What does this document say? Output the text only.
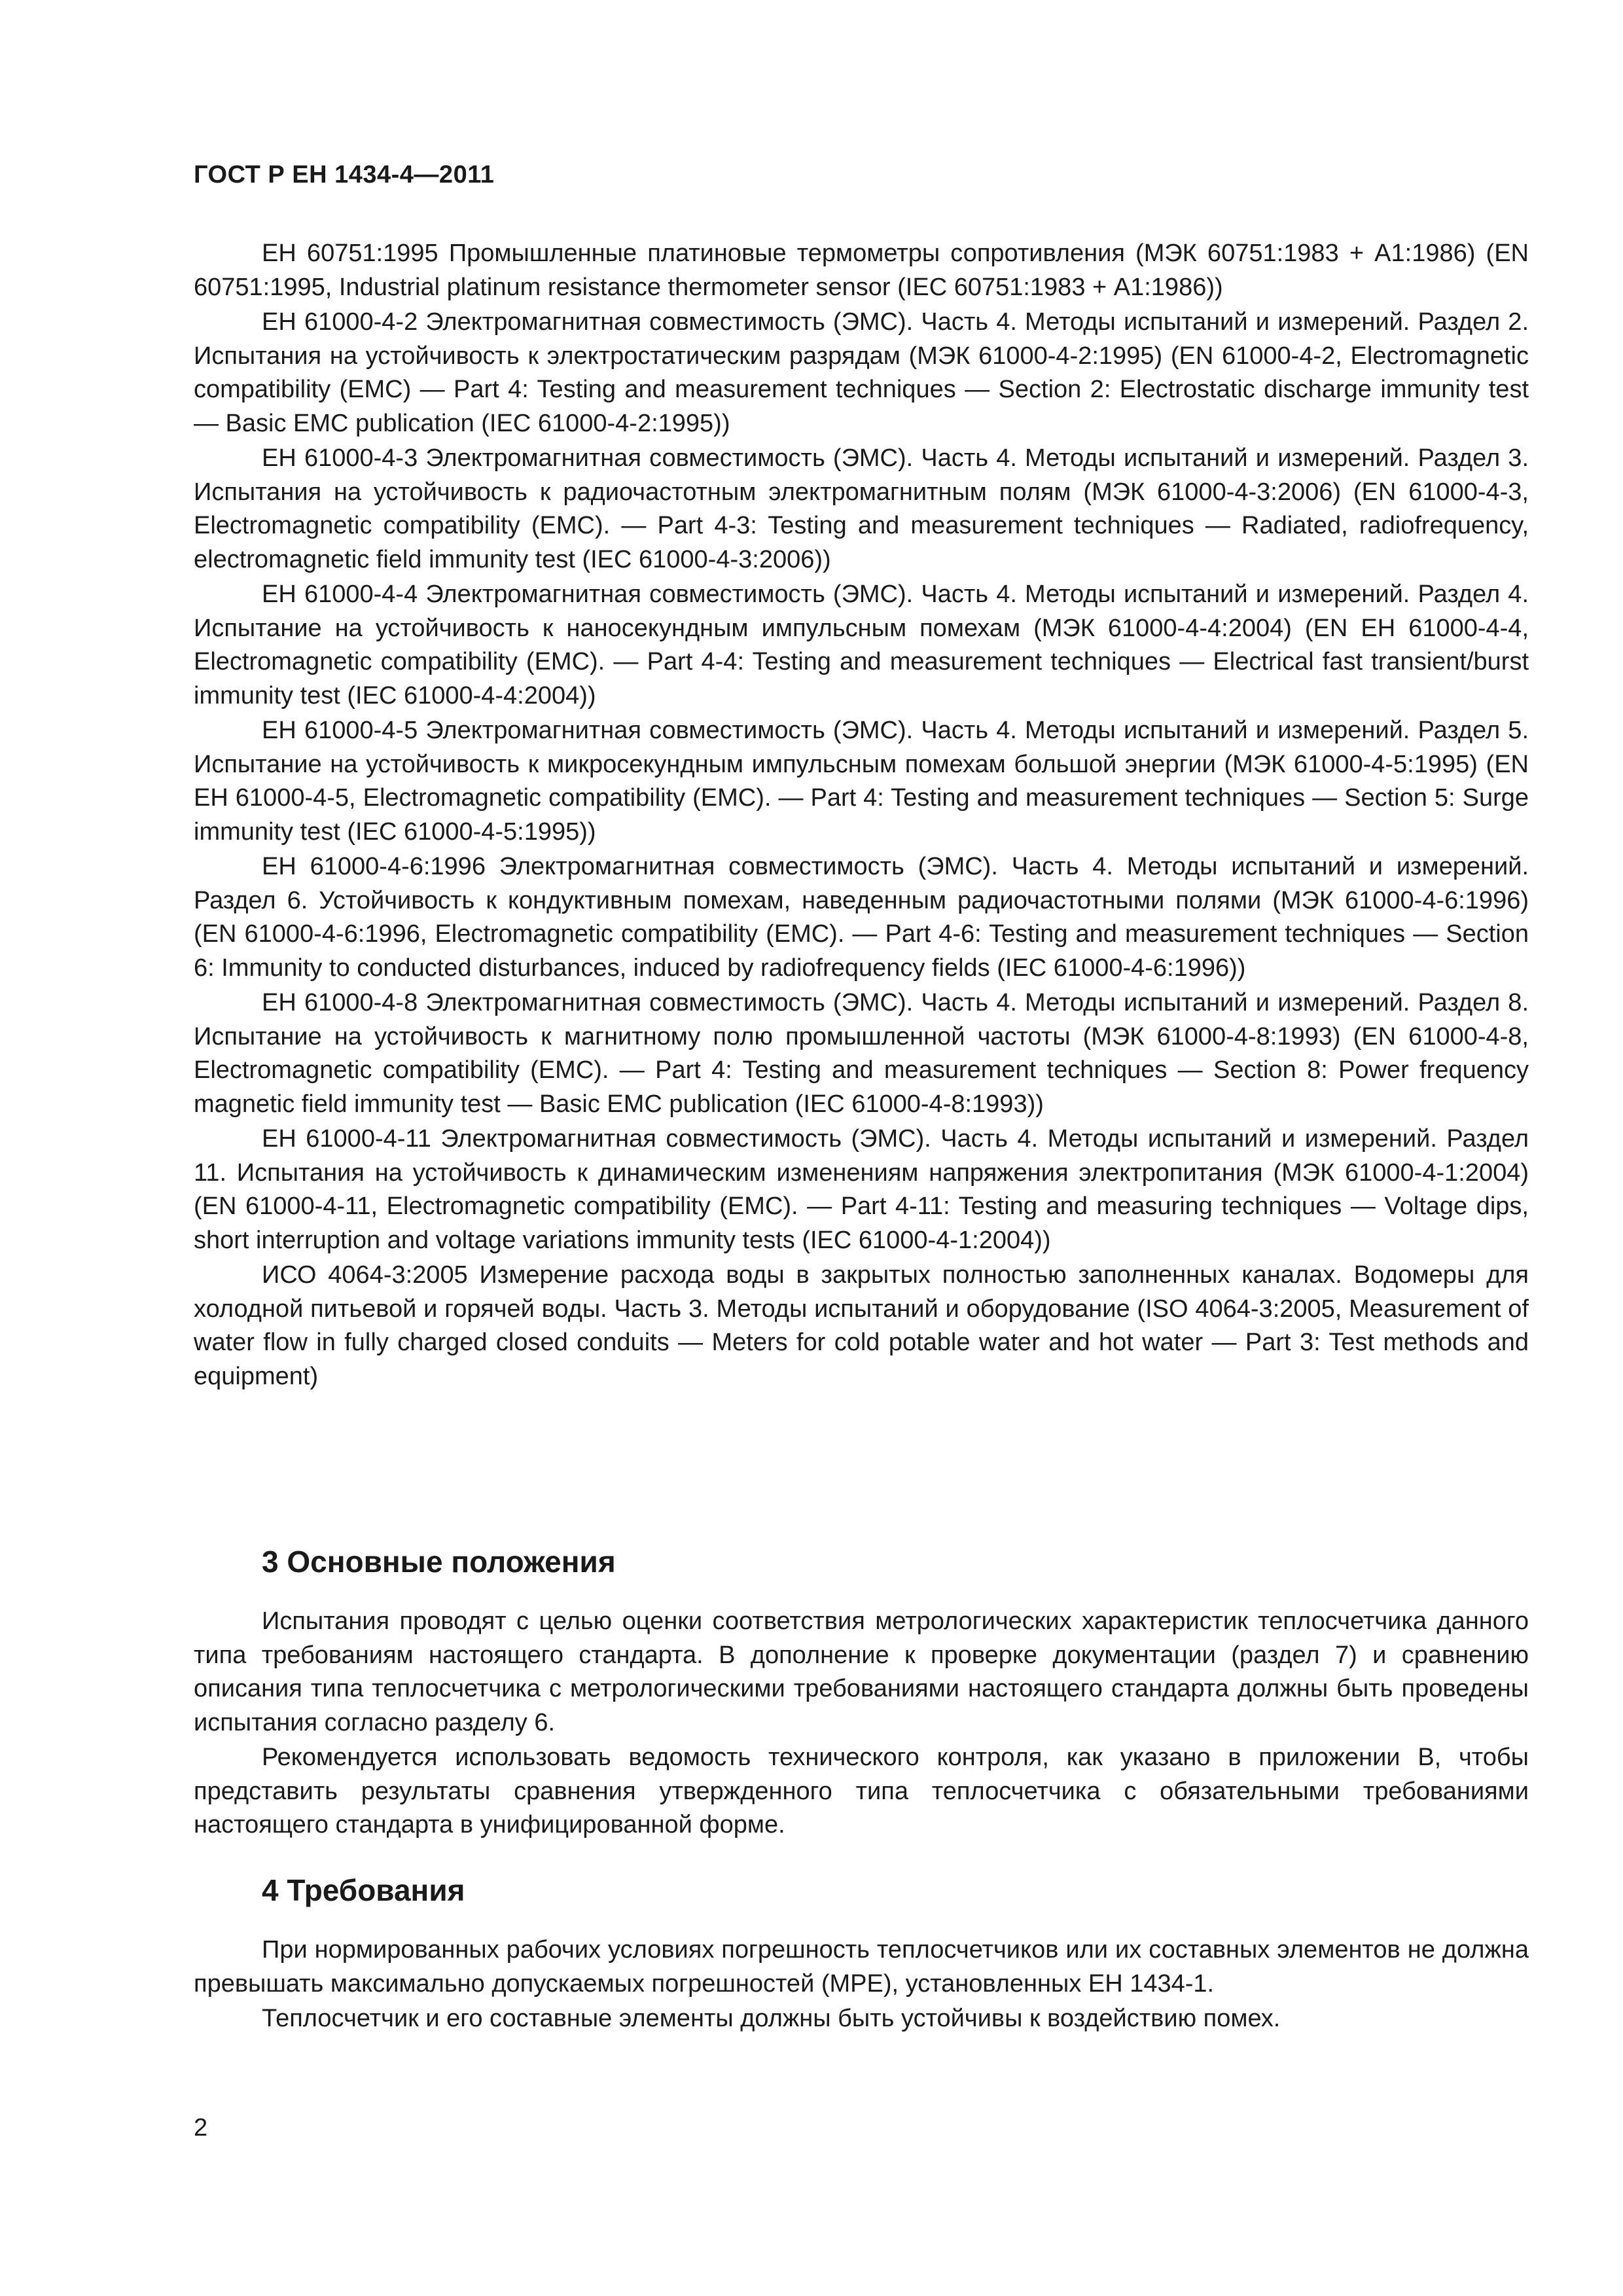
ГОСТ Р ЕН 1434-4—2011

ЕН 60751:1995 Промышленные платиновые термометры сопротивления (МЭК 60751:1983 + А1:1986) (EN 60751:1995, Industrial platinum resistance thermometer sensor (IEC 60751:1983 + А1:1986))

ЕН 61000-4-2 Электромагнитная совместимость (ЭМС). Часть 4. Методы испытаний и измерений. Раздел 2. Испытания на устойчивость к электростатическим разрядам (МЭК 61000-4-2:1995) (EN 61000-4-2, Electromagnetic compatibility (EMC) — Part 4: Testing and measurement techniques — Section 2: Electrostatic discharge immunity test — Basic EMC publication (IEC 61000-4-2:1995))

ЕН 61000-4-3 Электромагнитная совместимость (ЭМС). Часть 4. Методы испытаний и измерений. Раздел 3. Испытания на устойчивость к радиочастотным электромагнитным полям (МЭК 61000-4-3:2006) (EN 61000-4-3, Electromagnetic compatibility (EMC). — Part 4-3: Testing and measurement techniques — Radiated, radiofrequency, electromagnetic field immunity test (IEC 61000-4-3:2006))

ЕН 61000-4-4 Электромагнитная совместимость (ЭМС). Часть 4. Методы испытаний и измерений. Раздел 4. Испытание на устойчивость к наносекундным импульсным помехам (МЭК 61000-4-4:2004) (EN EH 61000-4-4, Electromagnetic compatibility (EMC). — Part 4-4: Testing and measurement techniques — Electrical fast transient/burst immunity test (IEC 61000-4-4:2004))

ЕН 61000-4-5 Электромагнитная совместимость (ЭМС). Часть 4. Методы испытаний и измерений. Раздел 5. Испытание на устойчивость к микросекундным импульсным помехам большой энергии (МЭК 61000-4-5:1995) (EN EH 61000-4-5, Electromagnetic compatibility (EMC). — Part 4: Testing and measurement techniques — Section 5: Surge immunity test (IEC 61000-4-5:1995))

ЕН 61000-4-6:1996 Электромагнитная совместимость (ЭМС). Часть 4. Методы испытаний и измерений. Раздел 6. Устойчивость к кондуктивным помехам, наведенным радиочастотными полями (МЭК 61000-4-6:1996) (EN 61000-4-6:1996, Electromagnetic compatibility (EMC). — Part 4-6: Testing and measurement techniques — Section 6: Immunity to conducted disturbances, induced by radiofrequency fields (IEC 61000-4-6:1996))

ЕН 61000-4-8 Электромагнитная совместимость (ЭМС). Часть 4. Методы испытаний и измерений. Раздел 8. Испытание на устойчивость к магнитному полю промышленной частоты (МЭК 61000-4-8:1993) (EN 61000-4-8, Electromagnetic compatibility (EMC). — Part 4: Testing and measurement techniques — Section 8: Power frequency magnetic field immunity test — Basic EMC publication (IEC 61000-4-8:1993))

ЕН 61000-4-11 Электромагнитная совместимость (ЭМС). Часть 4. Методы испытаний и измерений. Раздел 11. Испытания на устойчивость к динамическим изменениям напряжения электропитания (МЭК 61000-4-1:2004) (EN 61000-4-11, Electromagnetic compatibility (EMC). — Part 4-11: Testing and measuring techniques — Voltage dips, short interruption and voltage variations immunity tests (IEC 61000-4-1:2004))

ИСО 4064-3:2005 Измерение расхода воды в закрытых полностью заполненных каналах. Водомеры для холодной питьевой и горячей воды. Часть 3. Методы испытаний и оборудование (ISO 4064-3:2005, Measurement of water flow in fully charged closed conduits — Meters for cold potable water and hot water — Part 3: Test methods and equipment)

3 Основные положения

Испытания проводят с целью оценки соответствия метрологических характеристик теплосчетчика данного типа требованиям настоящего стандарта. В дополнение к проверке документации (раздел 7) и сравнению описания типа теплосчетчика с метрологическими требованиями настоящего стандарта должны быть проведены испытания согласно разделу 6.

Рекомендуется использовать ведомость технического контроля, как указано в приложении В, чтобы представить результаты сравнения утвержденного типа теплосчетчика с обязательными требованиями настоящего стандарта в унифицированной форме.

4 Требования

При нормированных рабочих условиях погрешность теплосчетчиков или их составных элементов не должна превышать максимально допускаемых погрешностей (МРЕ), установленных ЕН 1434-1.

Теплосчетчик и его составные элементы должны быть устойчивы к воздействию помех.

2
